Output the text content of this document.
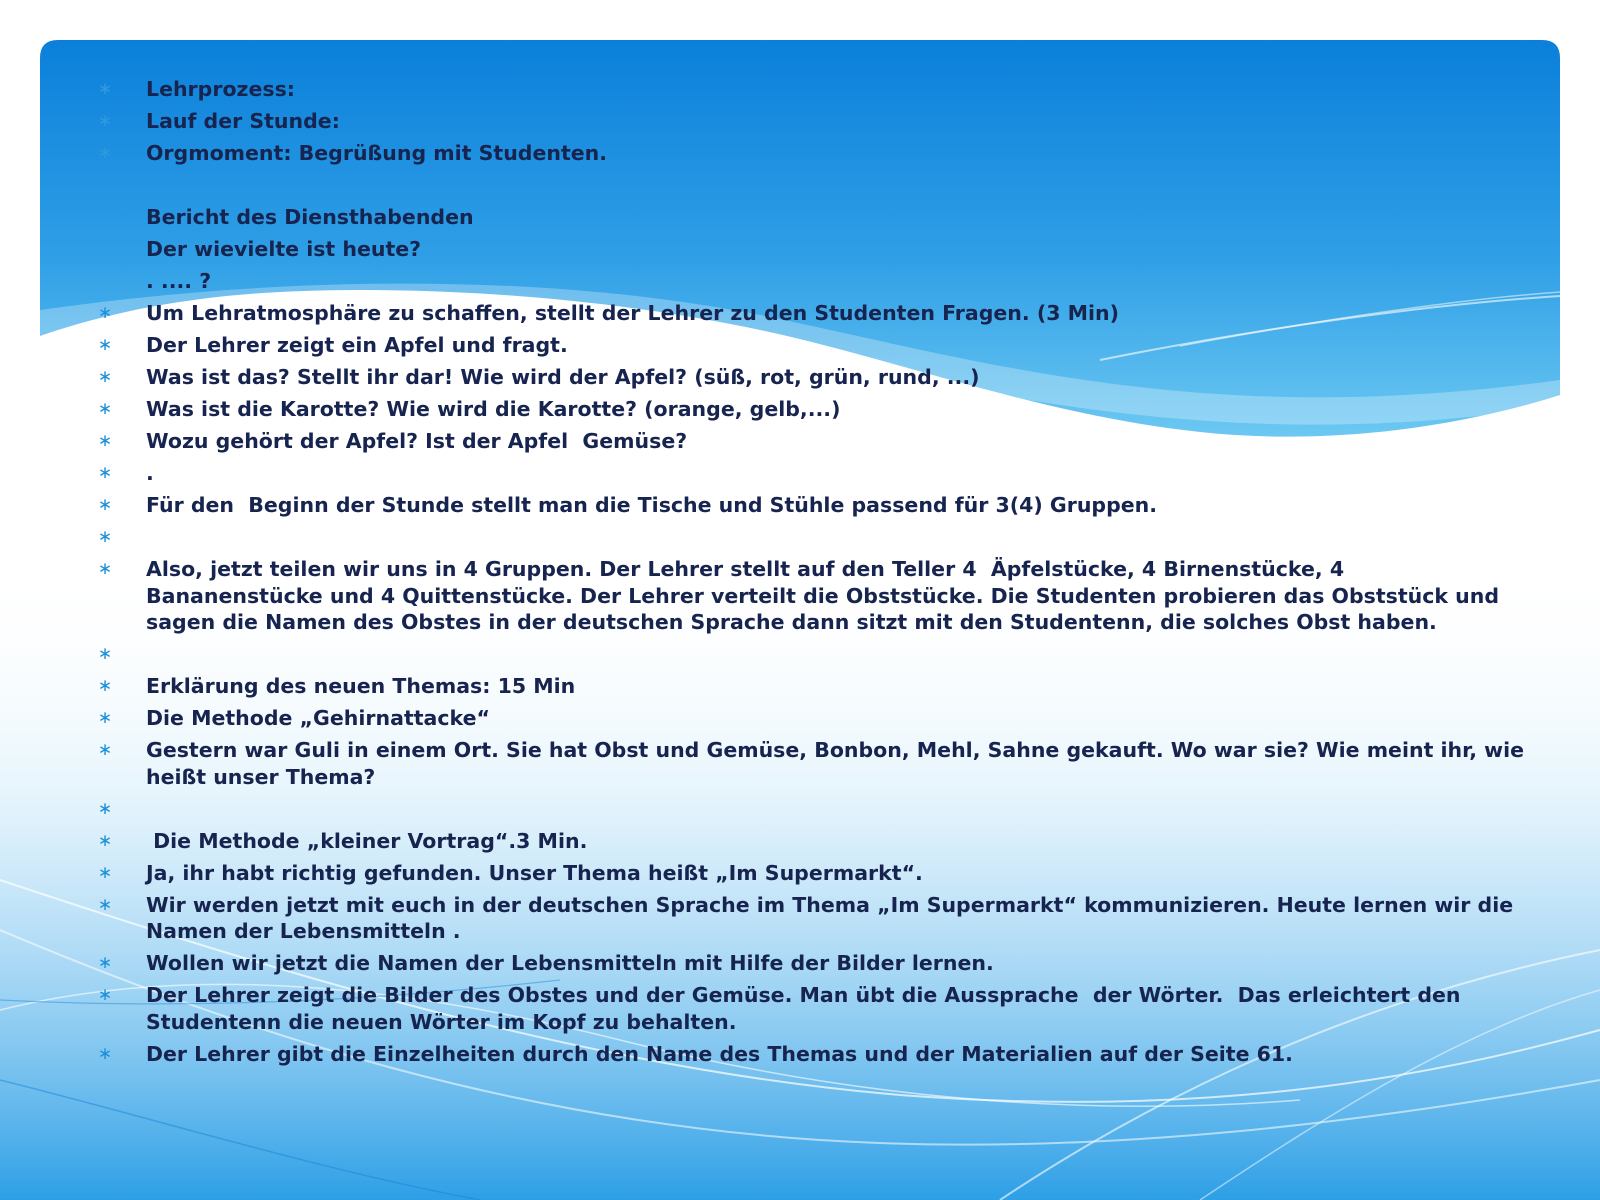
∗ Lehrprozess:
∗ Lauf der Stunde:
∗ Orgmoment: Begrüßung mit Studenten.
Bericht des Diensthabenden
Der wievielte ist heute?
. .... ?
∗ Um Lehratmosphäre zu schaffen, stellt der Lehrer zu den Studenten Fragen. (3 Min)
∗ Der Lehrer zeigt ein Apfel und fragt.
∗ Was ist das? Stellt ihr dar! Wie wird der Apfel? (süß, rot, grün, rund, ...)
∗ Was ist die Karotte? Wie wird die Karotte? (orange, gelb,...)
∗ Wozu gehört der Apfel? Ist der Apfel  Gemüse?
∗ .
∗ Für den  Beginn der Stunde stellt man die Tische und Stühle passend für 3(4) Gruppen.
∗
∗ Also, jetzt teilen wir uns in 4 Gruppen. Der Lehrer stellt auf den Teller 4  Äpfelstücke, 4 Birnenstücke, 4  Bananenstücke und 4 Quittenstücke. Der Lehrer verteilt die Obststücke. Die Studenten probieren das Obststück und sagen die Namen des Obstes in der deutschen Sprache dann sitzt mit den Studentenn, die solches Obst haben.
∗
∗ Erklärung des neuen Themas: 15 Min
∗ Die Methode „Gehirnattacke“
∗ Gestern war Guli in einem Ort. Sie hat Obst und Gemüse, Bonbon, Mehl, Sahne gekauft. Wo war sie? Wie meint ihr, wie heißt unser Thema?
∗
∗ Die Methode „kleiner Vortrag“.3 Min.
∗ Ja, ihr habt richtig gefunden. Unser Thema heißt „Im Supermarkt“.
∗ Wir werden jetzt mit euch in der deutschen Sprache im Thema „Im Supermarkt“ kommunizieren. Heute lernen wir die Namen der Lebensmitteln .
∗ Wollen wir jetzt die Namen der Lebensmitteln mit Hilfe der Bilder lernen.
∗ Der Lehrer zeigt die Bilder des Obstes und der Gemüse. Man übt die Aussprache  der Wörter.  Das erleichtert den Studentenn die neuen Wörter im Kopf zu behalten.
∗ Der Lehrer gibt die Einzelheiten durch den Name des Themas und der Materialien auf der Seite 61.
